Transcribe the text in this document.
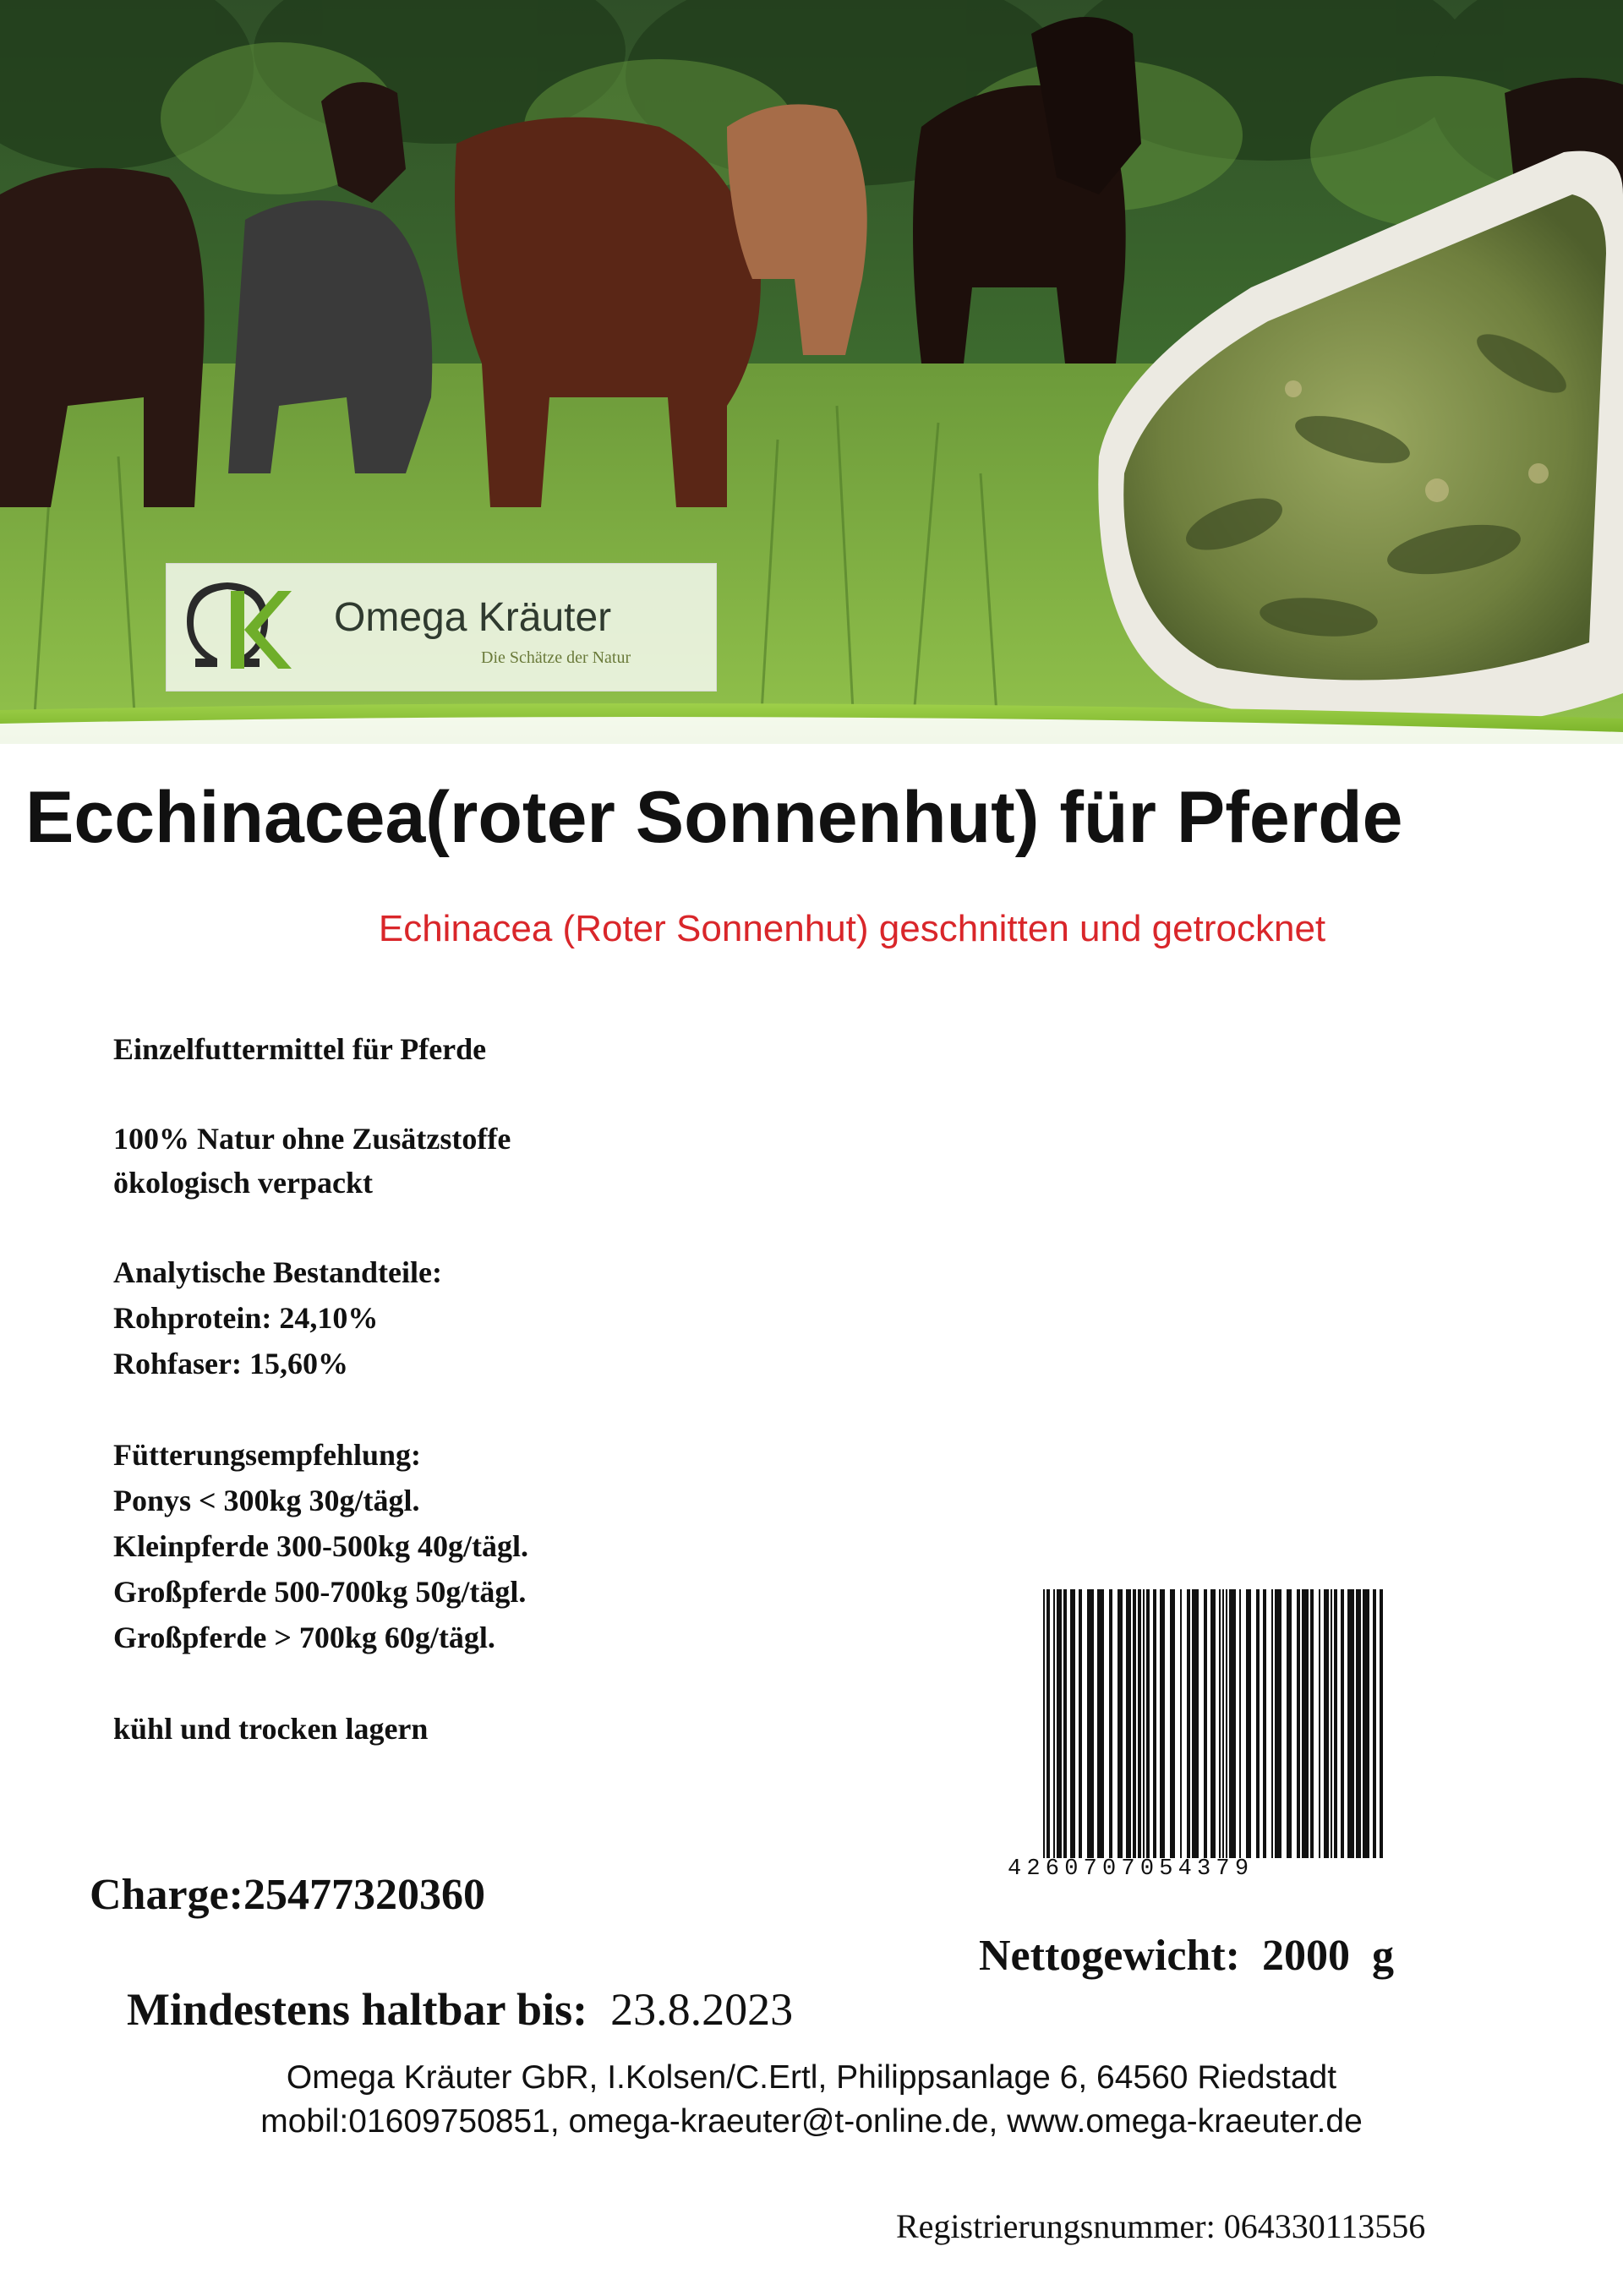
Omega Kräuter
Die Schätze der Natur
Ecchinacea(roter Sonnenhut) für Pferde
Echinacea (Roter Sonnenhut) geschnitten und getrocknet
Einzelfuttermittel für Pferde
100% Natur ohne Zusätzstoffe
ökologisch verpackt
Analytische Bestandteile:
Rohprotein: 24,10%
Rohfaser: 15,60%
Fütterungsempfehlung:
Ponys < 300kg 30g/tägl.
Kleinpferde 300-500kg 40g/tägl.
Großpferde 500-700kg 50g/tägl.
Großpferde > 700kg 60g/tägl.
kühl und trocken lagern
4260707054379
Charge:25477320360
Nettogewicht: 2000 g
Mindestens haltbar bis: 23.8.2023
Omega Kräuter GbR, I.Kolsen/C.Ertl, Philippsanlage 6, 64560 Riedstadt
mobil:01609750851, omega-kraeuter@t-online.de, www.omega-kraeuter.de
Registrierungsnummer: 064330113556
